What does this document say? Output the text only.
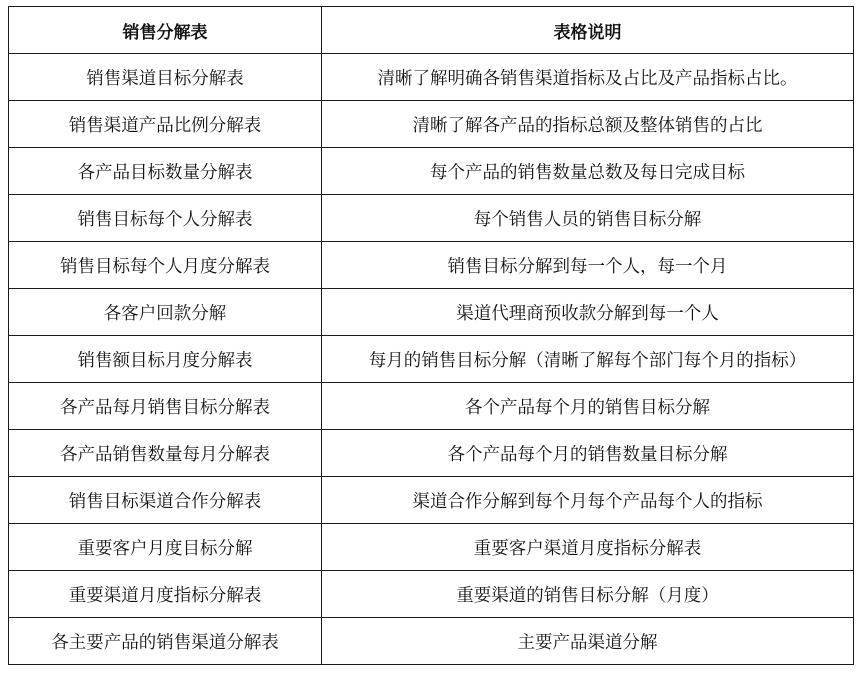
销售分解表	表格说明
销售渠道目标分解表	清晰了解明确各销售渠道指标及占比及产品指标占比。
销售渠道产品比例分解表	清晰了解各产品的指标总额及整体销售的占比
各产品目标数量分解表	每个产品的销售数量总数及每日完成目标
销售目标每个人分解表	每个销售人员的销售目标分解
销售目标每个人月度分解表	销售目标分解到每一个人，每一个月
各客户回款分解	渠道代理商预收款分解到每一个人
销售额目标月度分解表	每月的销售目标分解（清晰了解每个部门每个月的指标）
各产品每月销售目标分解表	各个产品每个月的销售目标分解
各产品销售数量每月分解表	各个产品每个月的销售数量目标分解
销售目标渠道合作分解表	渠道合作分解到每个月每个产品每个人的指标
重要客户月度目标分解	重要客户渠道月度指标分解表
重要渠道月度指标分解表	重要渠道的销售目标分解（月度）
各主要产品的销售渠道分解表	主要产品渠道分解
